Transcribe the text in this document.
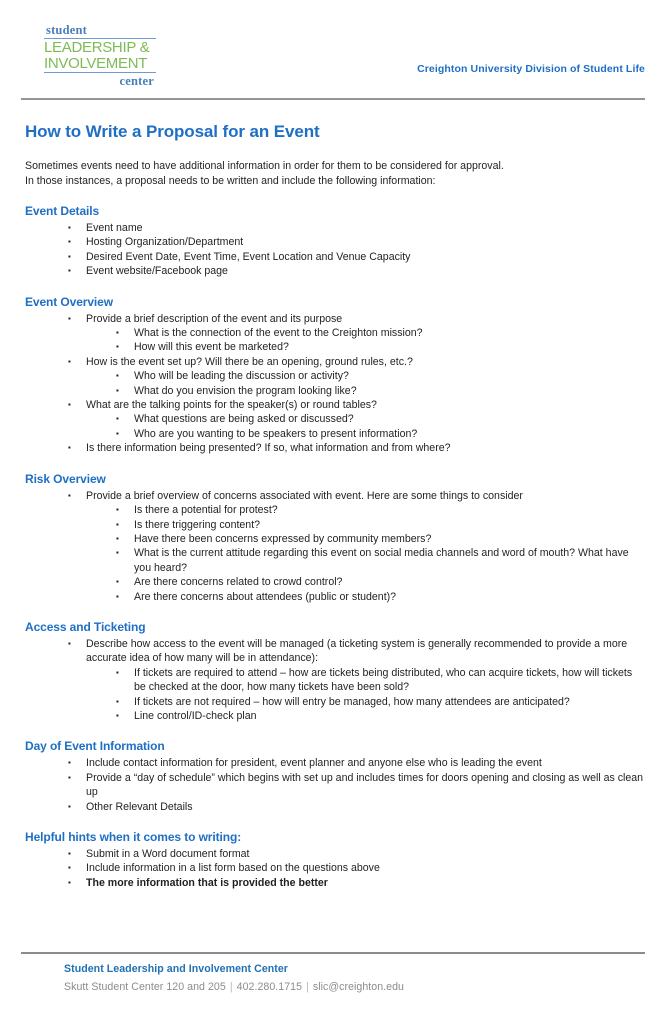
student
LEADERSHIP &
INVOLVEMENT
center
Creighton University Division of Student Life
How to Write a Proposal for an Event
Sometimes events need to have additional information in order for them to be considered for approval.
In those instances, a proposal needs to be written and include the following information:
Event Details
▪ Event name
▪ Hosting Organization/Department
▪ Desired Event Date, Event Time, Event Location and Venue Capacity
▪ Event website/Facebook page
Event Overview
▪ Provide a brief description of the event and its purpose
▪ What is the connection of the event to the Creighton mission?
▪ How will this event be marketed?
▪ How is the event set up? Will there be an opening, ground rules, etc.?
▪ Who will be leading the discussion or activity?
▪ What do you envision the program looking like?
▪ What are the talking points for the speaker(s) or round tables?
▪ What questions are being asked or discussed?
▪ Who are you wanting to be speakers to present information?
▪ Is there information being presented? If so, what information and from where?
Risk Overview
▪ Provide a brief overview of concerns associated with event. Here are some things to consider
▪ Is there a potential for protest?
▪ Is there triggering content?
▪ Have there been concerns expressed by community members?
▪ What is the current attitude regarding this event on social media channels and word of mouth? What have you heard?
▪ Are there concerns related to crowd control?
▪ Are there concerns about attendees (public or student)?
Access and Ticketing
▪ Describe how access to the event will be managed (a ticketing system is generally recommended to provide a more accurate idea of how many will be in attendance):
▪ If tickets are required to attend – how are tickets being distributed, who can acquire tickets, how will tickets be checked at the door, how many tickets have been sold?
▪ If tickets are not required – how will entry be managed, how many attendees are anticipated?
▪ Line control/ID-check plan
Day of Event Information
▪ Include contact information for president, event planner and anyone else who is leading the event
▪ Provide a “day of schedule” which begins with set up and includes times for doors opening and closing as well as clean up
▪ Other Relevant Details
Helpful hints when it comes to writing:
▪ Submit in a Word document format
▪ Include information in a list form based on the questions above
▪ The more information that is provided the better
Student Leadership and Involvement Center
Skutt Student Center 120 and 205 | 402.280.1715 | slic@creighton.edu
